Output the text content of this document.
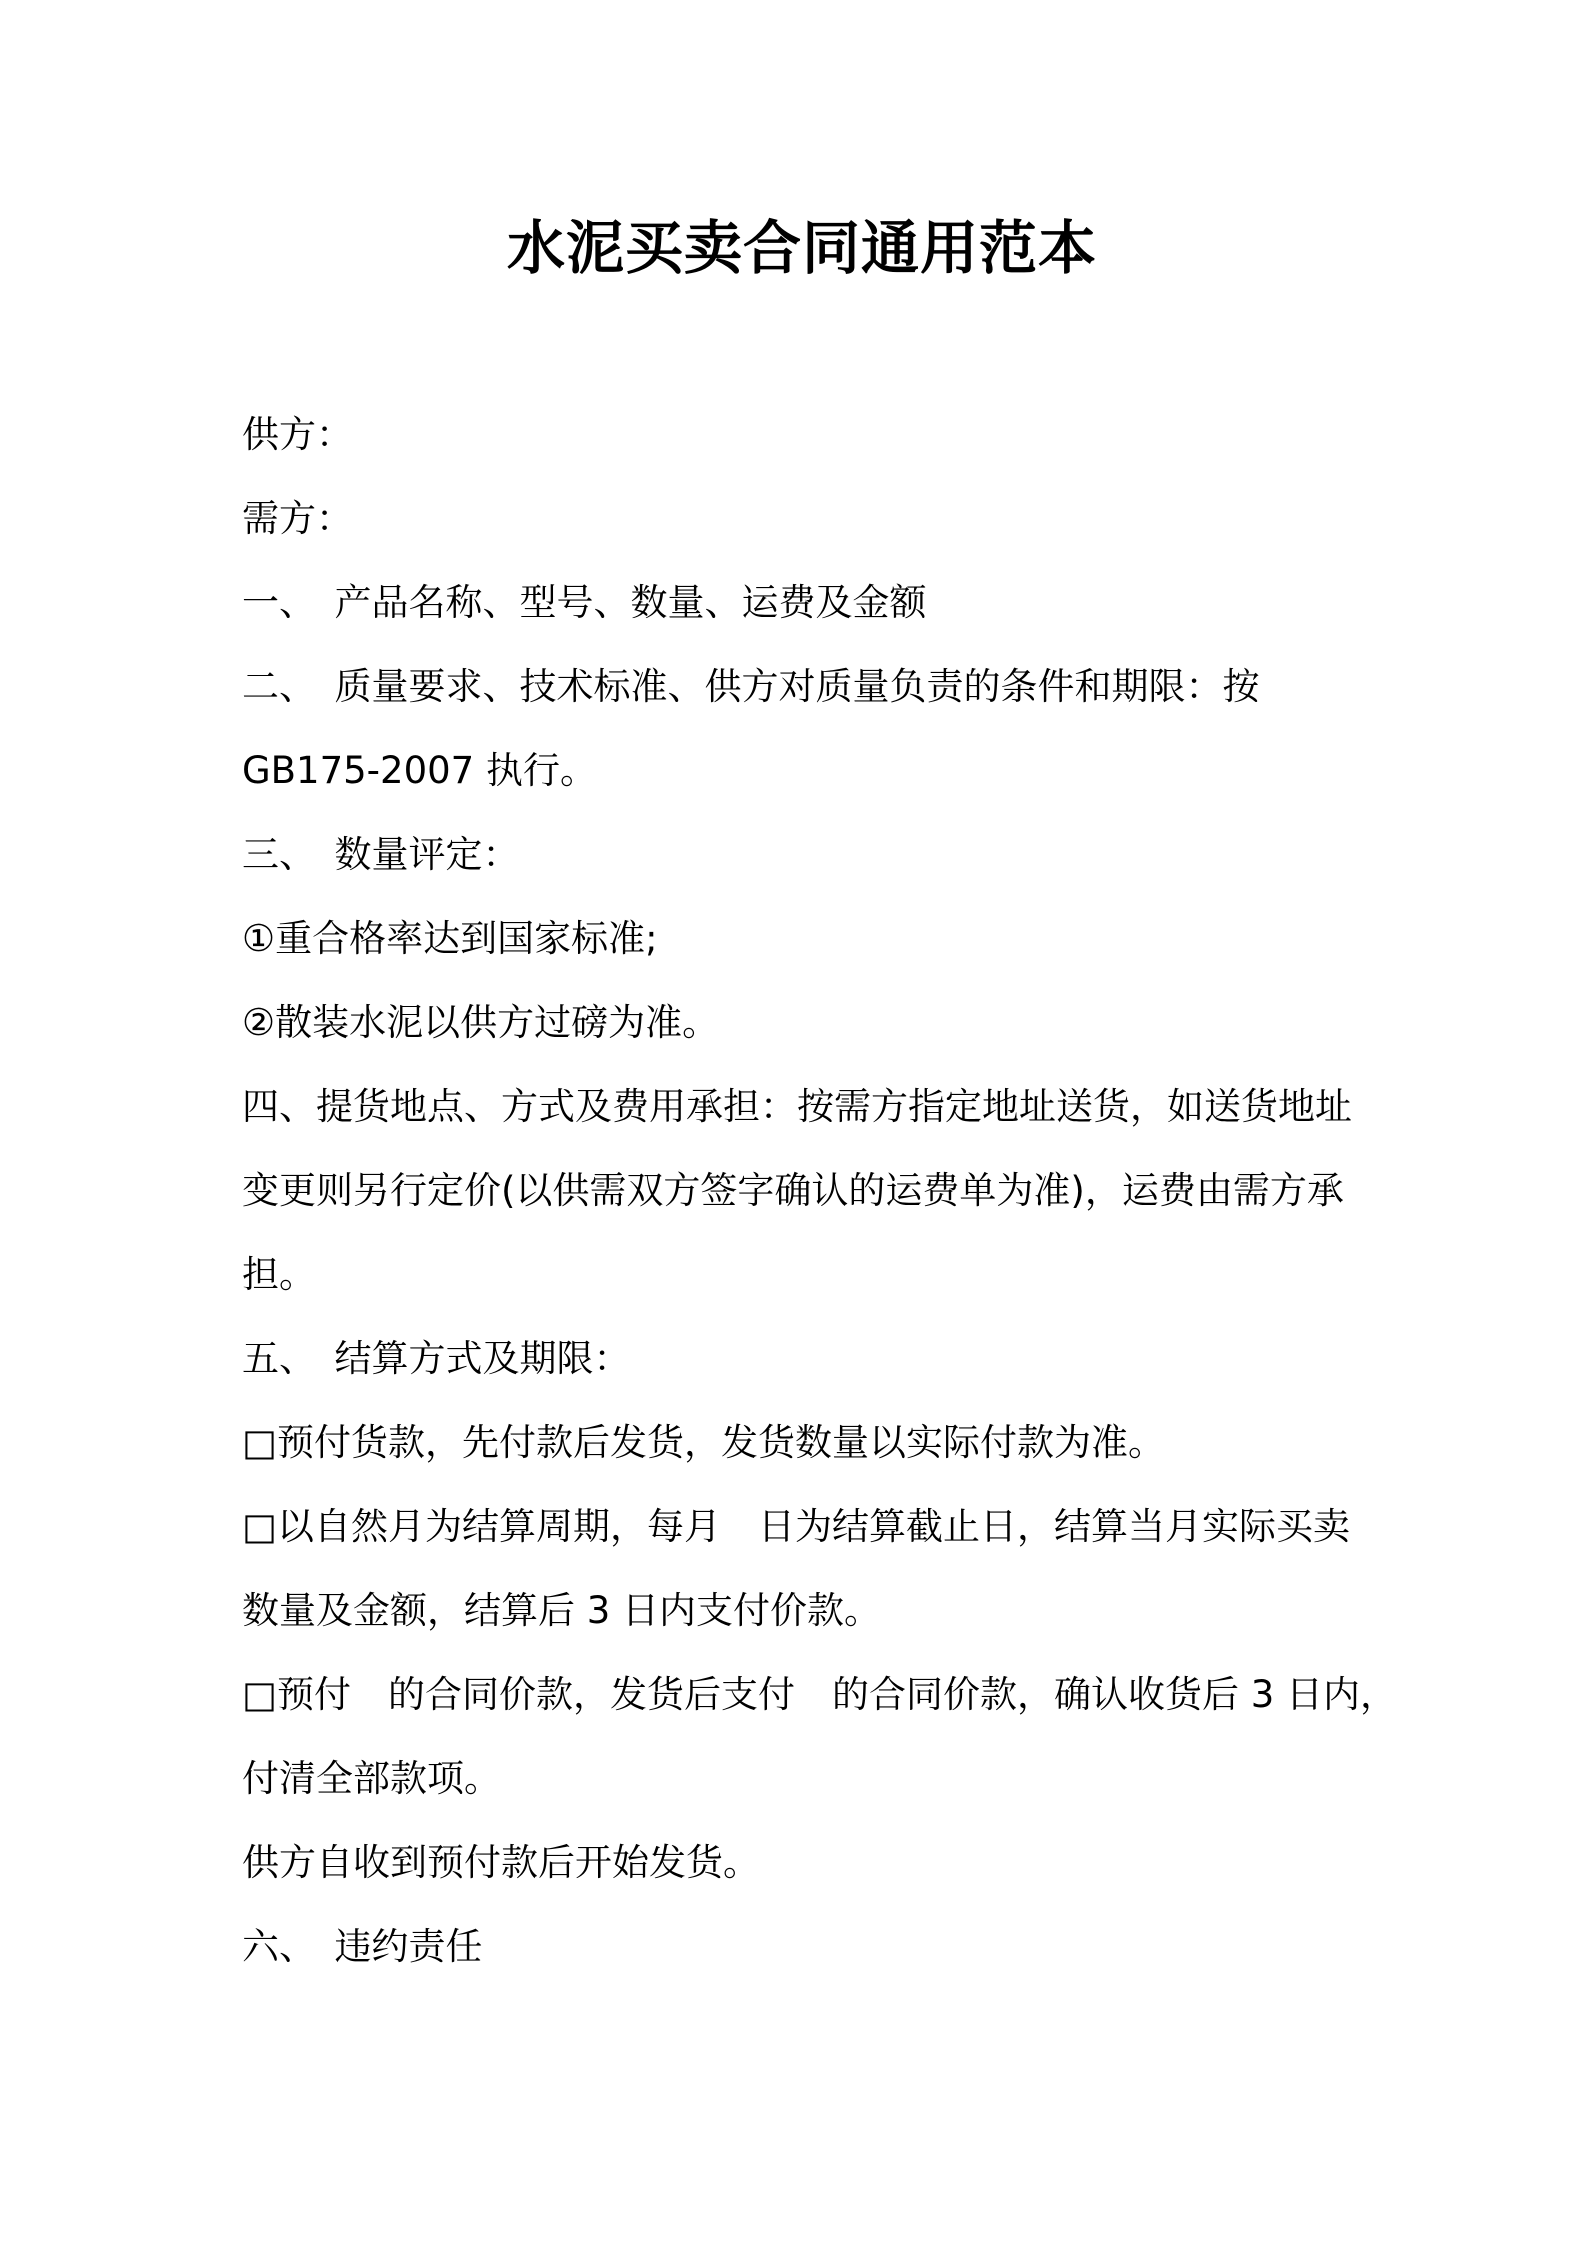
水泥买卖合同通用范本

供方：

需方：

一、　产品名称、型号、数量、运费及金额

二、　质量要求、技术标准、供方对质量负责的条件和期限：按

GB175-2007 执行。

三、　数量评定：

①重合格率达到国家标准;

②散装水泥以供方过磅为准。

四、提货地点、方式及费用承担：按需方指定地址送货，如送货地址

变更则另行定价(以供需双方签字确认的运费单为准)，运费由需方承

担。

五、　结算方式及期限：

□预付货款，先付款后发货，发货数量以实际付款为准。

□以自然月为结算周期，每月　日为结算截止日，结算当月实际买卖

数量及金额，结算后 3 日内支付价款。

□预付　的合同价款，发货后支付　的合同价款，确认收货后 3 日内，

付清全部款项。

供方自收到预付款后开始发货。

六、　违约责任
